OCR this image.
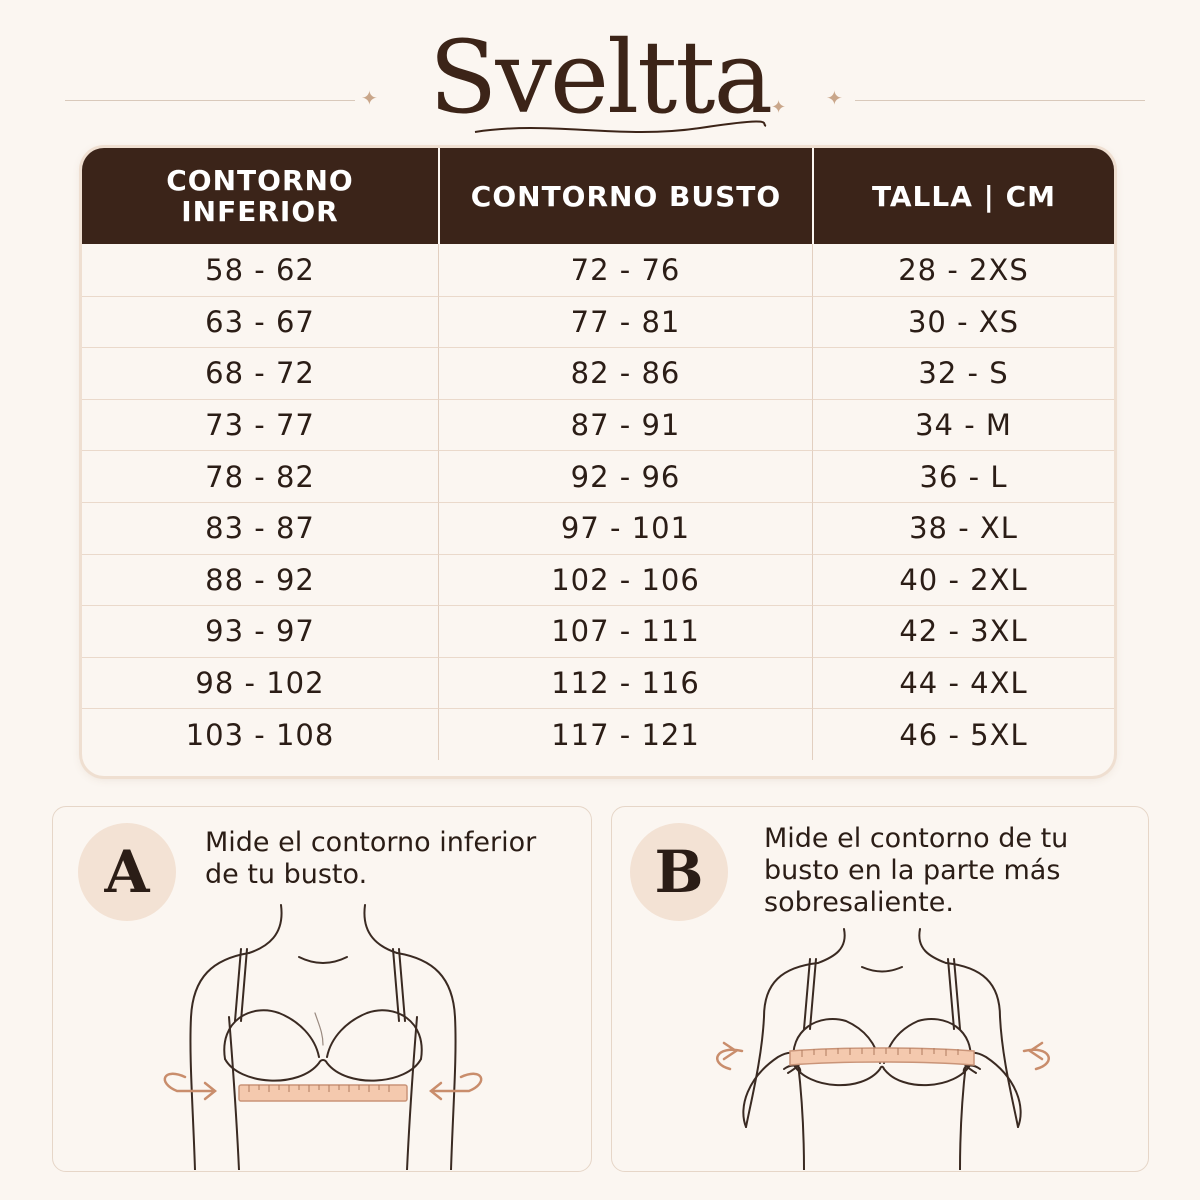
✦	✦
✦
Sveltta
CONTORNO INFERIOR	CONTORNO BUSTO	TALLA | CM
58 - 62	72 - 76	28 - 2XS
63 - 67	77 - 81	30 - XS
68 - 72	82 - 86	32 - S
73 - 77	87 - 91	34 - M
78 - 82	92 - 96	36 - L
83 - 87	97 - 101	38 - XL
88 - 92	102 - 106	40 - 2XL
93 - 97	107 - 111	42 - 3XL
98 - 102	112 - 116	44 - 4XL
103 - 108	117 - 121	46 - 5XL
A	Mide el contorno inferior de tu busto.	B	Mide el contorno de tu busto en la parte más sobresaliente.
